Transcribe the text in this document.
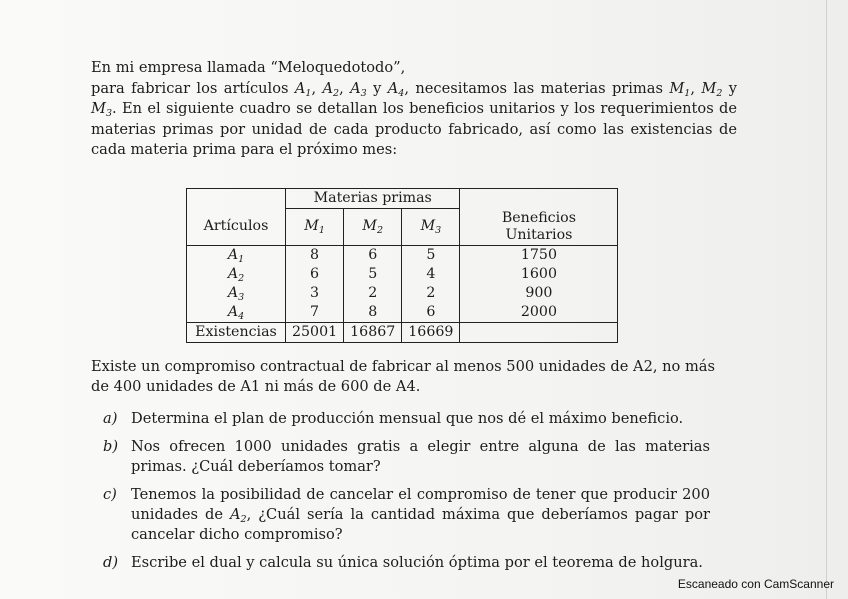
En mi empresa llamada “Meloquedotodo”,

para fabricar los artículos $A_1$, $A_2$, $A_3$ y $A_4$, necesitamos las materias primas $M_1$, $M_2$ y $M_3$. En el siguiente cuadro se detallan los beneficios unitarios y los requerimientos de materias primas por unidad de cada producto fabricado, así como las existencias de cada materia prima para el próximo mes:

	Materias primas			
Artículos	$M_1$	$M_2$	$M_3$	Beneficios Unitarios
$A_1$	8	6	5	1750
$A_2$	6	5	4	1600
$A_3$	3	2	2	900
$A_4$	7	8	6	2000
Existencias	25001	16867	16669	

Existe un compromiso contractual de fabricar al menos 500 unidades de A2, no más de 400 unidades de A1 ni más de 600 de A4.

a) Determina el plan de producción mensual que nos dé el máximo beneficio.
b) Nos ofrecen 1000 unidades gratis a elegir entre alguna de las materias primas. ¿Cuál deberíamos tomar?
c) Tenemos la posibilidad de cancelar el compromiso de tener que producir 200 unidades de $A_2$, ¿Cuál sería la cantidad máxima que deberíamos pagar por cancelar dicho compromiso?
d) Escribe el dual y calcula su única solución óptima por el teorema de holgura.
Escaneado con CamScanner
